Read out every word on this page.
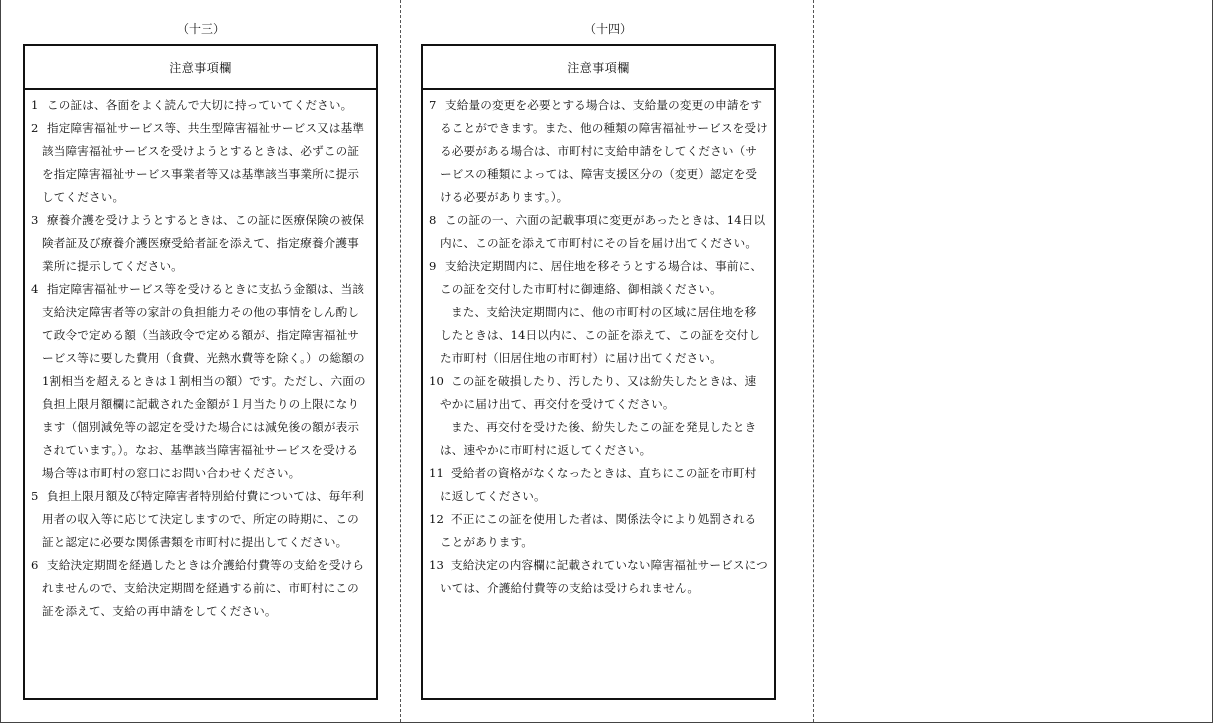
（十三）	（十四）
注意事項欄
1 この証は、各面をよく読んで大切に持っていてください。
2 指定障害福祉サービス等、共生型障害福祉サービス又は基準該当障害福祉サービスを受けようとするときは、必ずこの証を指定障害福祉サービス事業者等又は基準該当事業所に提示してください。
3 療養介護を受けようとするときは、この証に医療保険の被保険者証及び療養介護医療受給者証を添えて、指定療養介護事業所に提示してください。
4 指定障害福祉サービス等を受けるときに支払う金額は、当該支給決定障害者等の家計の負担能力その他の事情をしん酌して政令で定める額（当該政令で定める額が、指定障害福祉サービス等に要した費用（食費、光熱水費等を除く。）の総額の1割相当を超えるときは１割相当の額）です。ただし、六面の負担上限月額欄に記載された金額が１月当たりの上限になります（個別減免等の認定を受けた場合には減免後の額が表示されています。）。なお、基準該当障害福祉サービスを受ける場合等は市町村の窓口にお問い合わせください。
5 負担上限月額及び特定障害者特別給付費については、毎年利用者の収入等に応じて決定しますので、所定の時期に、この証と認定に必要な関係書類を市町村に提出してください。
6 支給決定期間を経過したときは介護給付費等の支給を受けられませんので、支給決定期間を経過する前に、市町村にこの証を添えて、支給の再申請をしてください。
注意事項欄
7 支給量の変更を必要とする場合は、支給量の変更の申請をすることができます。また、他の種類の障害福祉サービスを受ける必要がある場合は、市町村に支給申請をしてください（サービスの種類によっては、障害支援区分の（変更）認定を受ける必要があります。）。
8 この証の一、六面の記載事項に変更があったときは、14日以内に、この証を添えて市町村にその旨を届け出てください。
9 支給決定期間内に、居住地を移そうとする場合は、事前に、この証を交付した市町村に御連絡、御相談ください。
また、支給決定期間内に、他の市町村の区域に居住地を移したときは、14日以内に、この証を添えて、この証を交付した市町村（旧居住地の市町村）に届け出てください。
10 この証を破損したり、汚したり、又は紛失したときは、速やかに届け出て、再交付を受けてください。
また、再交付を受けた後、紛失したこの証を発見したときは、速やかに市町村に返してください。
11 受給者の資格がなくなったときは、直ちにこの証を市町村に返してください。
12 不正にこの証を使用した者は、関係法令により処罰されることがあります。
13 支給決定の内容欄に記載されていない障害福祉サービスについては、介護給付費等の支給は受けられません。
